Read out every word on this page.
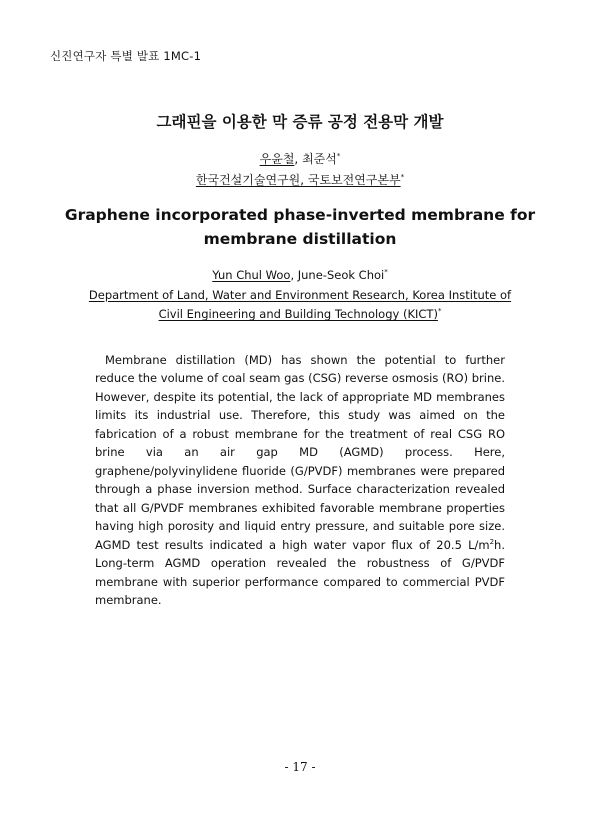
신진연구자 특별 발표 1MC-1
그래핀을 이용한 막 증류 공정 전용막 개발
우윤철, 최준석*
한국건설기술연구원, 국토보전연구본부*
Graphene incorporated phase-inverted membrane for
membrane distillation
Yun Chul Woo, June-Seok Choi*
Department of Land, Water and Environment Research, Korea Institute of
Civil Engineering and Building Technology (KICT)*

Membrane distillation (MD) has shown the potential to further reduce the volume of coal seam gas (CSG) reverse osmosis (RO) brine. However, despite its potential, the lack of appropriate MD membranes limits its industrial use. Therefore, this study was aimed on the fabrication of a robust membrane for the treatment of real CSG RO brine via an air gap MD (AGMD) process. Here, graphene/polyvinylidene fluoride (G/PVDF) membranes were prepared through a phase inversion method. Surface characterization revealed that all G/PVDF membranes exhibited favorable membrane properties having high porosity and liquid entry pressure, and suitable pore size. AGMD test results indicated a high water vapor flux of 20.5 $L/m^2h$. Long-term AGMD operation revealed the robustness of G/PVDF membrane with superior performance compared to commercial PVDF membrane.

- 17 -
